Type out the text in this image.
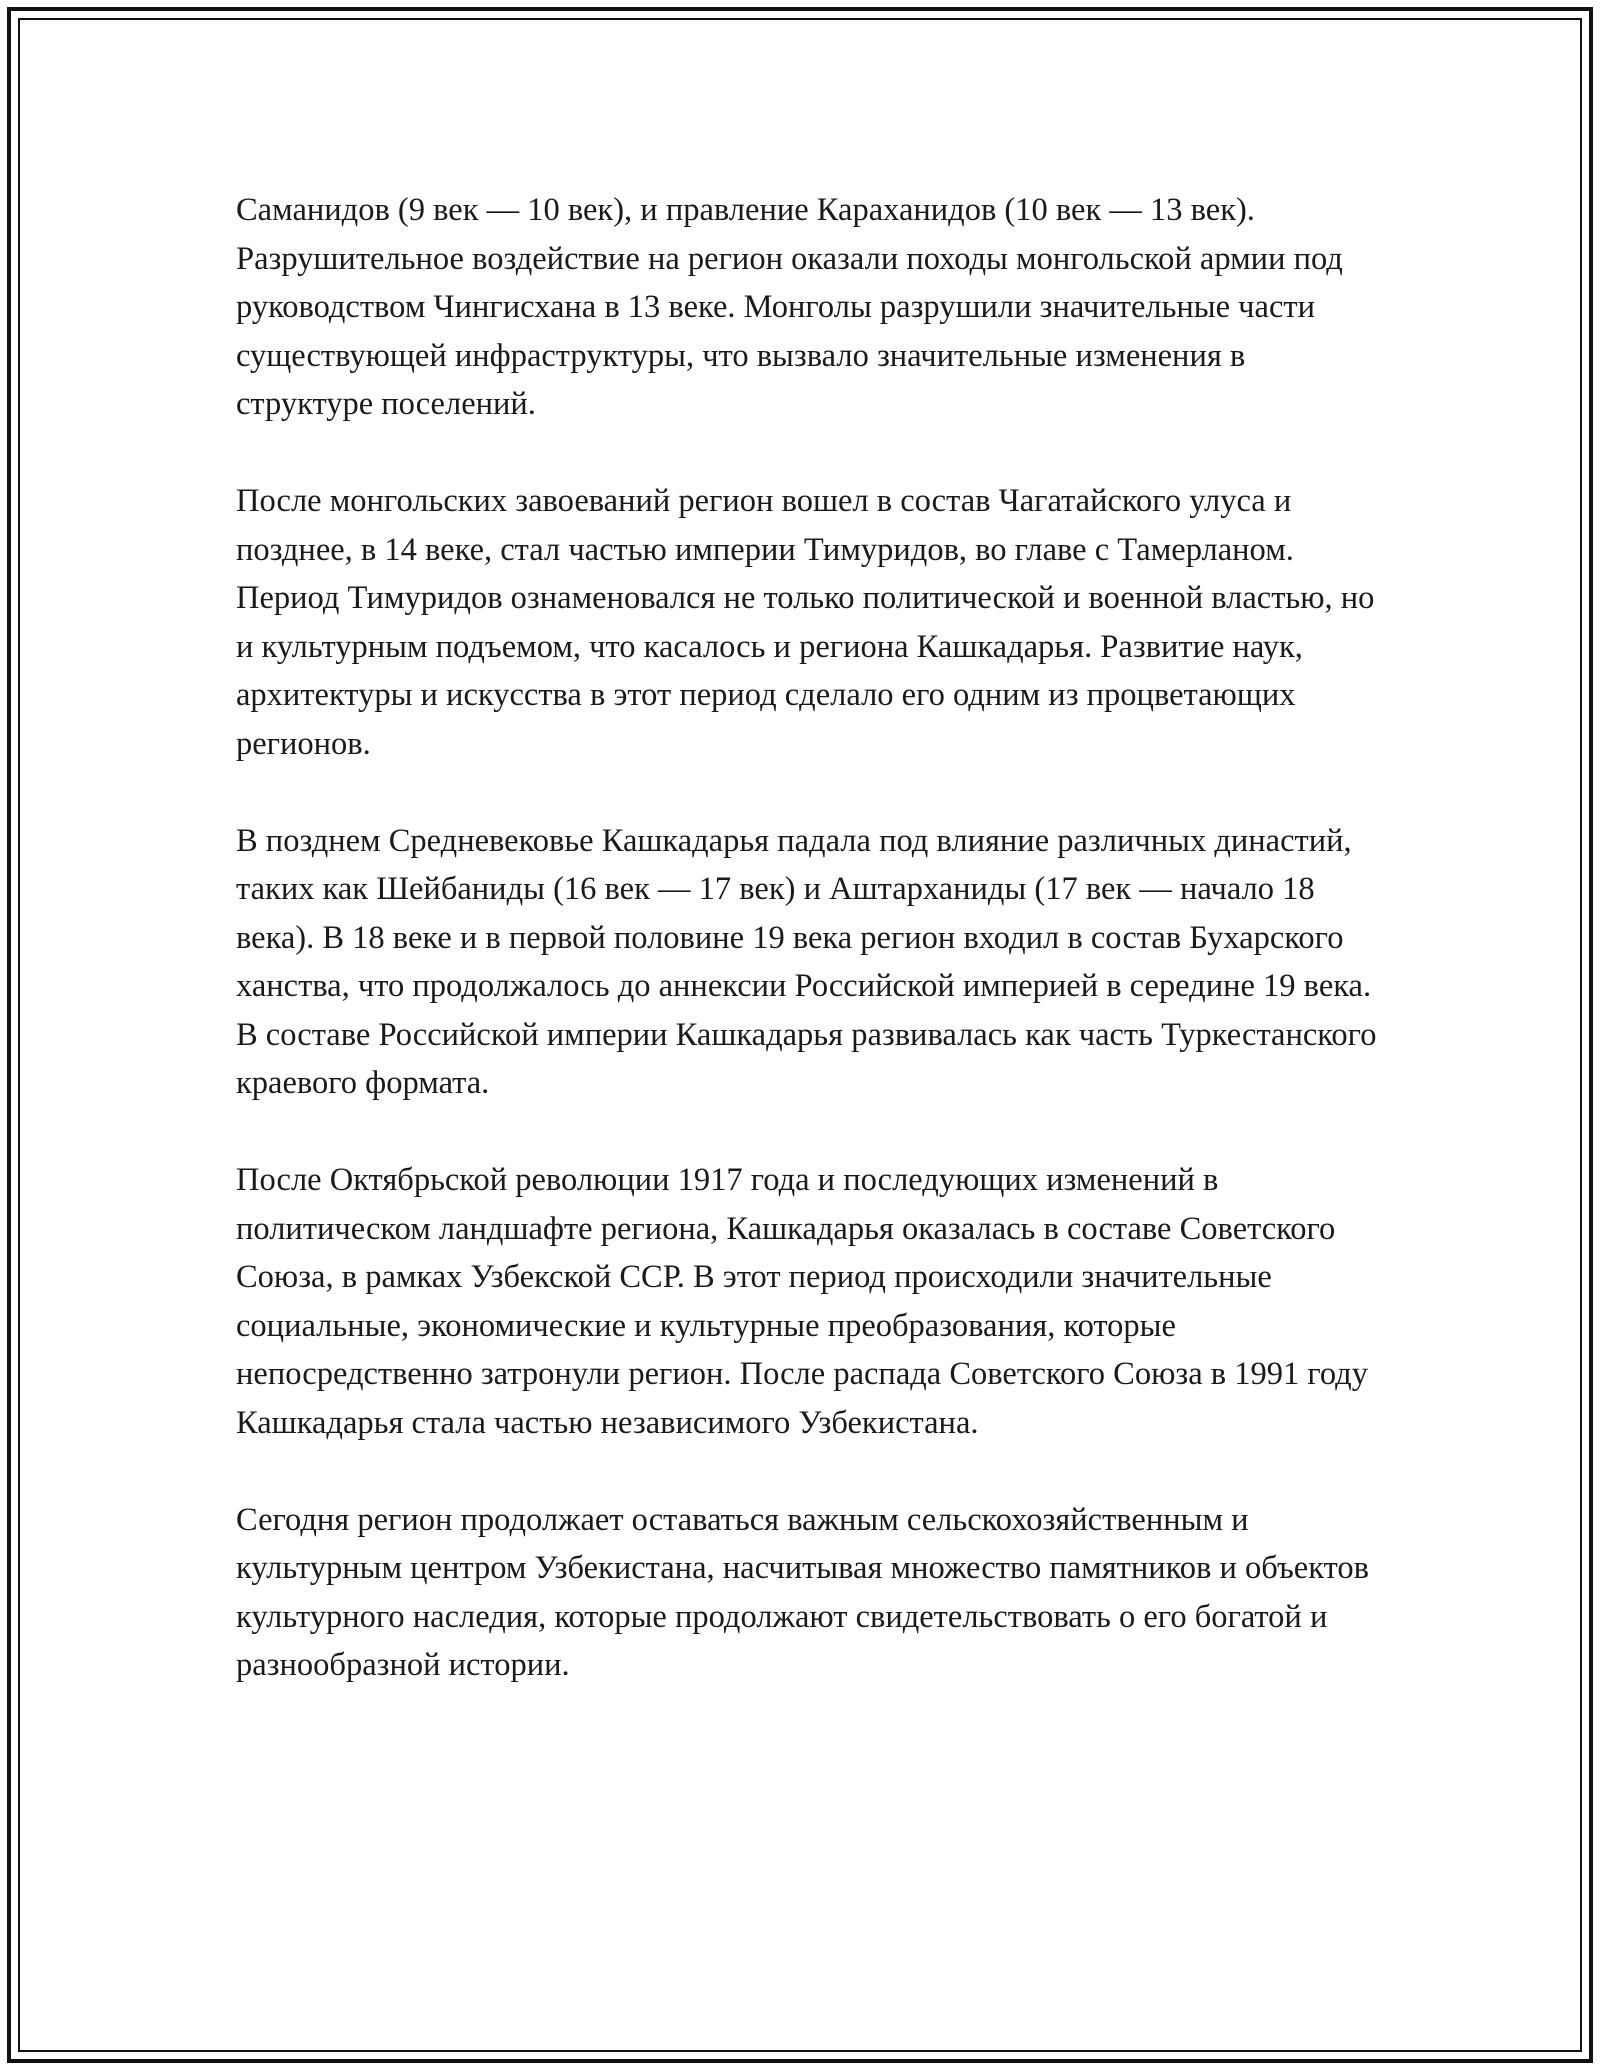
Саманидов (9 век — 10 век), и правление Караханидов (10 век — 13 век). Разрушительное воздействие на регион оказали походы монгольской армии под руководством Чингисхана в 13 веке. Монголы разрушили значительные части существующей инфраструктуры, что вызвало значительные изменения в структуре поселений.

После монгольских завоеваний регион вошел в состав Чагатайского улуса и позднее, в 14 веке, стал частью империи Тимуридов, во главе с Тамерланом. Период Тимуридов ознаменовался не только политической и военной властью, но и культурным подъемом, что касалось и региона Кашкадарья. Развитие наук, архитектуры и искусства в этот период сделало его одним из процветающих регионов.

В позднем Средневековье Кашкадарья падала под влияние различных династий, таких как Шейбаниды (16 век — 17 век) и Аштарханиды (17 век — начало 18 века). В 18 веке и в первой половине 19 века регион входил в состав Бухарского ханства, что продолжалось до аннексии Российской империей в середине 19 века. В составе Российской империи Кашкадарья развивалась как часть Туркестанского краевого формата.

После Октябрьской революции 1917 года и последующих изменений в политическом ландшафте региона, Кашкадарья оказалась в составе Советского Союза, в рамках Узбекской ССР. В этот период происходили значительные социальные, экономические и культурные преобразования, которые непосредственно затронули регион. После распада Советского Союза в 1991 году Кашкадарья стала частью независимого Узбекистана.

Сегодня регион продолжает оставаться важным сельскохозяйственным и культурным центром Узбекистана, насчитывая множество памятников и объектов культурного наследия, которые продолжают свидетельствовать о его богатой и разнообразной истории.
